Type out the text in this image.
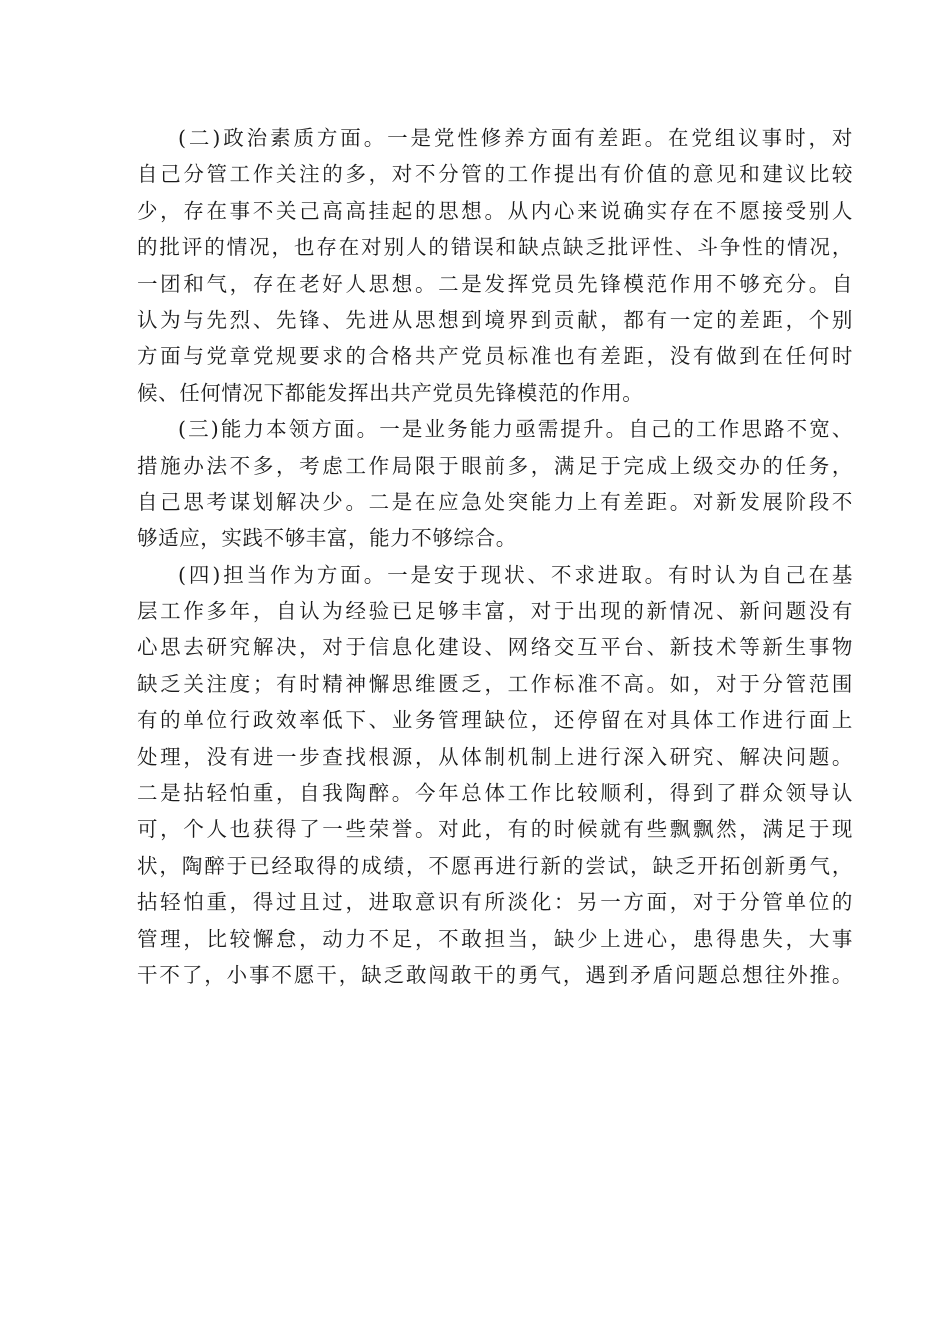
(二)政治素质方面。一是党性修养方面有差距。在党组议事时，对
自己分管工作关注的多，对不分管的工作提出有价值的意见和建议比较
少，存在事不关己高高挂起的思想。从内心来说确实存在不愿接受别人
的批评的情况，也存在对别人的错误和缺点缺乏批评性、斗争性的情况，
一团和气，存在老好人思想。二是发挥党员先锋模范作用不够充分。自
认为与先烈、先锋、先进从思想到境界到贡献，都有一定的差距，个别
方面与党章党规要求的合格共产党员标准也有差距，没有做到在任何时
候、任何情况下都能发挥出共产党员先锋模范的作用。
(三)能力本领方面。一是业务能力亟需提升。自己的工作思路不宽、
措施办法不多，考虑工作局限于眼前多，满足于完成上级交办的任务，
自己思考谋划解决少。二是在应急处突能力上有差距。对新发展阶段不
够适应，实践不够丰富，能力不够综合。
(四)担当作为方面。一是安于现状、不求进取。有时认为自己在基
层工作多年，自认为经验已足够丰富，对于出现的新情况、新问题没有
心思去研究解决，对于信息化建设、网络交互平台、新技术等新生事物
缺乏关注度；有时精神懈思维匮乏，工作标准不高。如，对于分管范围
有的单位行政效率低下、业务管理缺位，还停留在对具体工作进行面上
处理，没有进一步查找根源，从体制机制上进行深入研究、解决问题。
二是拈轻怕重，自我陶醉。今年总体工作比较顺利，得到了群众领导认
可，个人也获得了一些荣誉。对此，有的时候就有些飘飘然，满足于现
状，陶醉于已经取得的成绩，不愿再进行新的尝试，缺乏开拓创新勇气，
拈轻怕重，得过且过，进取意识有所淡化：另一方面，对于分管单位的
管理，比较懈怠，动力不足，不敢担当，缺少上进心，患得患失，大事
干不了，小事不愿干，缺乏敢闯敢干的勇气，遇到矛盾问题总想往外推。
